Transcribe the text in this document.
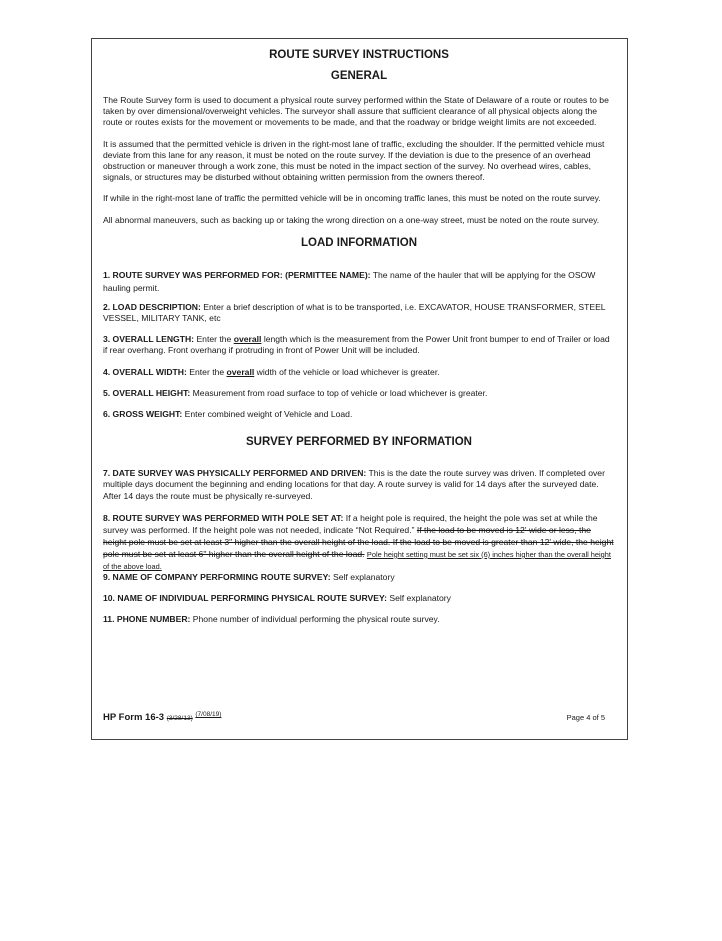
ROUTE SURVEY INSTRUCTIONS
GENERAL

The Route Survey form is used to document a physical route survey performed within the State of Delaware of a route or routes to be taken by over dimensional/overweight vehicles. The surveyor shall assure that sufficient clearance of all physical objects along the route or routes exists for the movement or movements to be made, and that the roadway or bridge weight limits are not exceeded.

It is assumed that the permitted vehicle is driven in the right-most lane of traffic, excluding the shoulder. If the permitted vehicle must deviate from this lane for any reason, it must be noted on the route survey. If the deviation is due to the presence of an overhead obstruction or maneuver through a work zone, this must be noted in the impact section of the survey. No overhead wires, cables, signals, or structures may be disturbed without obtaining written permission from the owners thereof.

If while in the right-most lane of traffic the permitted vehicle will be in oncoming traffic lanes, this must be noted on the route survey.

All abnormal maneuvers, such as backing up or taking the wrong direction on a one-way street, must be noted on the route survey.

LOAD INFORMATION

1. ROUTE SURVEY WAS PERFORMED FOR: (PERMITTEE NAME): The name of the hauler that will be applying for the OSOW hauling permit.

2. LOAD DESCRIPTION: Enter a brief description of what is to be transported, i.e. EXCAVATOR, HOUSE TRANSFORMER, STEEL VESSEL, MILITARY TANK, etc

3. OVERALL LENGTH: Enter the overall length which is the measurement from the Power Unit front bumper to end of Trailer or load if rear overhang. Front overhang if protruding in front of Power Unit will be included.

4. OVERALL WIDTH: Enter the overall width of the vehicle or load whichever is greater.

5. OVERALL HEIGHT: Measurement from road surface to top of vehicle or load whichever is greater.

6. GROSS WEIGHT: Enter combined weight of Vehicle and Load.

SURVEY PERFORMED BY INFORMATION

7. DATE SURVEY WAS PHYSICALLY PERFORMED AND DRIVEN: This is the date the route survey was driven. If completed over multiple days document the beginning and ending locations for that day. A route survey is valid for 14 days after the surveyed date. After 14 days the route must be physically re-surveyed.

8. ROUTE SURVEY WAS PERFORMED WITH POLE SET AT: If a height pole is required, the height the pole was set at while the survey was performed. If the height pole was not needed, indicate “Not Required.” If the load to be moved is 12' wide or less, the height pole must be set at least 3" higher than the overall height of the load. If the load to be moved is greater than 12' wide, the height pole must be set at least 6" higher than the overall height of the load. Pole height setting must be set six (6) inches higher than the overall height of the above load.

9. NAME OF COMPANY PERFORMING ROUTE SURVEY: Self explanatory

10. NAME OF INDIVIDUAL PERFORMING PHYSICAL ROUTE SURVEY: Self explanatory

11. PHONE NUMBER: Phone number of individual performing the physical route survey.

HP Form 16-3 (3/28/13) $^{(7/08/19)}$	Page 4 of 5
